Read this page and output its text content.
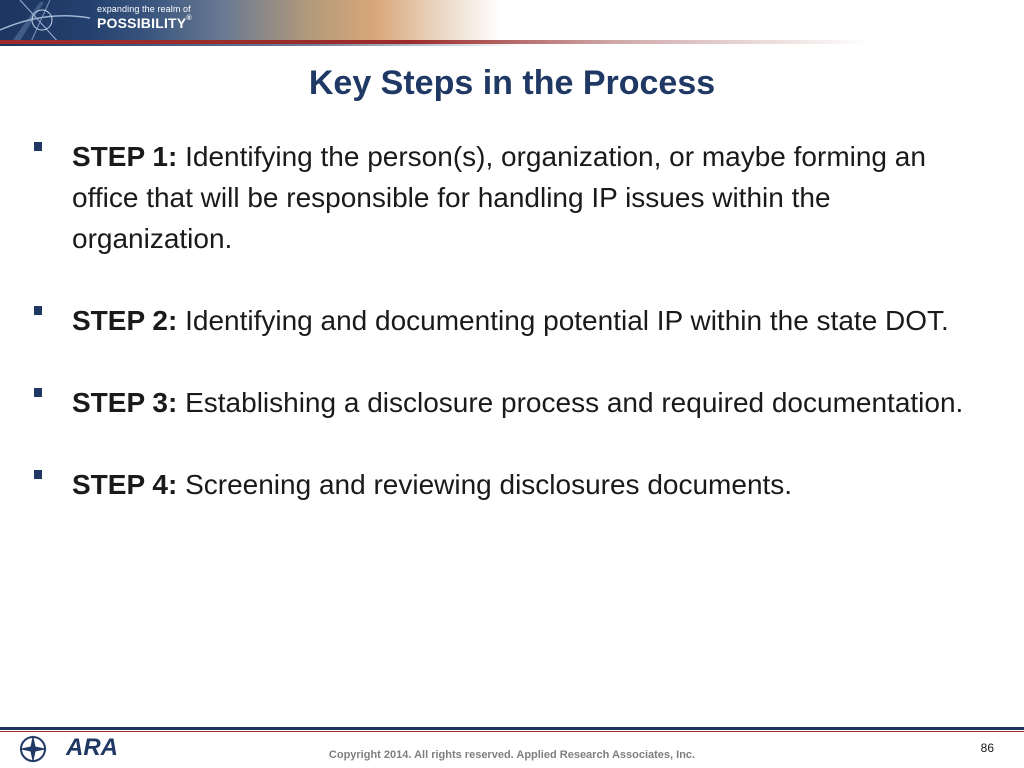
expanding the realm of
POSSIBILITY®
Key Steps in the Process
STEP 1: Identifying the person(s), organization, or maybe forming an office that will be responsible for handling IP issues within the organization.
STEP 2: Identifying and documenting potential IP within the state DOT.
STEP 3: Establishing a disclosure process and required documentation.
STEP 4: Screening and reviewing disclosures documents.
ARA	Copyright 2014. All rights reserved. Applied Research Associates, Inc.	86
